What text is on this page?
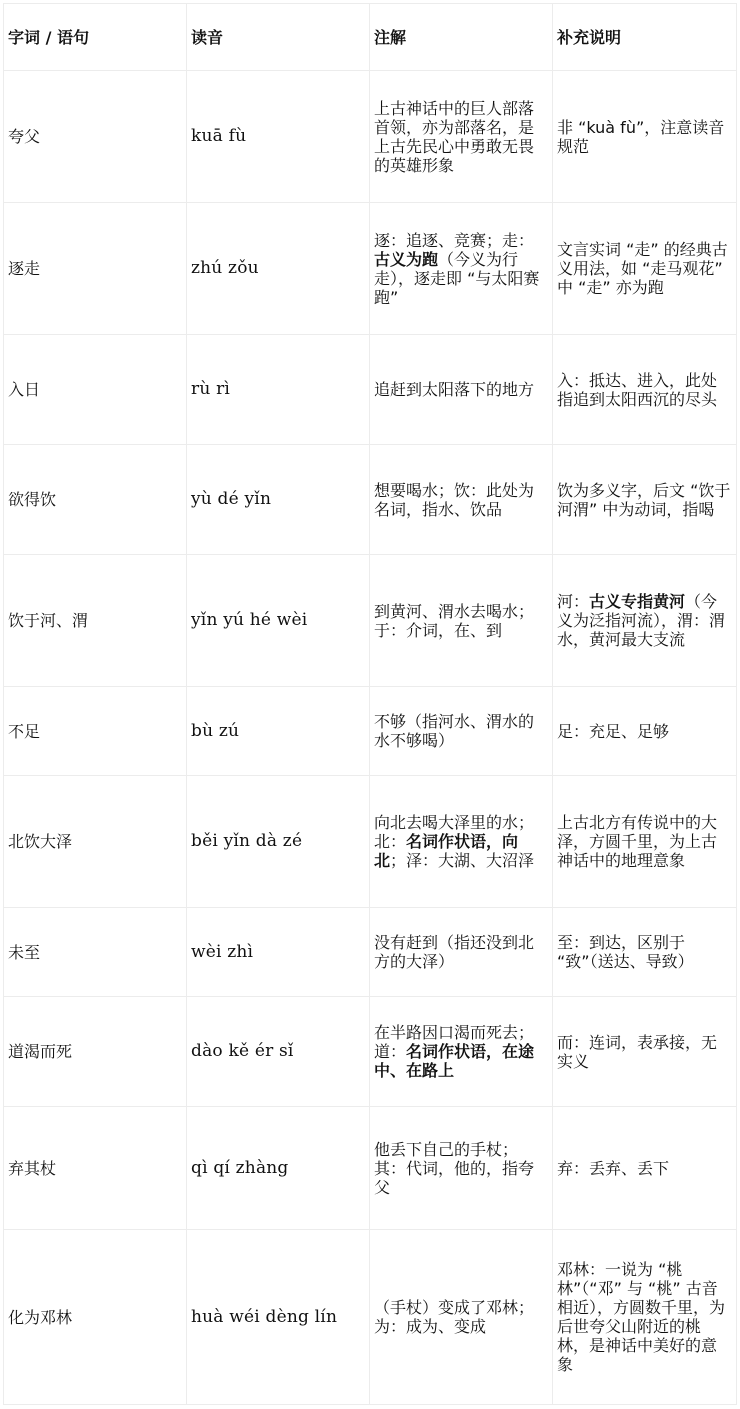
字词 / 语句	读音	注解	补充说明
夸父	kuā fù	上古神话中的巨人部落首领，亦为部落名，是上古先民心中勇敢无畏的英雄形象	非 “kuà fù”，注意读音规范
逐走	zhú zǒu	逐：追逐、竞赛；走：古义为跑（今义为行走），逐走即 “与太阳赛跑”	文言实词 “走” 的经典古义用法，如 “走马观花” 中 “走” 亦为跑
入日	rù rì	追赶到太阳落下的地方	入：抵达、进入，此处指追到太阳西沉的尽头
欲得饮	yù dé yǐn	想要喝水；饮：此处为名词，指水、饮品	饮为多义字，后文 “饮于河渭” 中为动词，指喝
饮于河、渭	yǐn yú hé wèi	到黄河、渭水去喝水；于：介词，在、到	河：古义专指黄河（今义为泛指河流），渭：渭水，黄河最大支流
不足	bù zú	不够（指河水、渭水的水不够喝）	足：充足、足够
北饮大泽	běi yǐn dà zé	向北去喝大泽里的水；北：名词作状语，向北；泽：大湖、大沼泽	上古北方有传说中的大泽，方圆千里，为上古神话中的地理意象
未至	wèi zhì	没有赶到（指还没到北方的大泽）	至：到达，区别于 “致”（送达、导致）
道渴而死	dào kě ér sǐ	在半路因口渴而死去；道：名词作状语，在途中、在路上	而：连词，表承接，无实义
弃其杖	qì qí zhàng	他丢下自己的手杖；其：代词，他的，指夸父	弃：丢弃、丢下
化为邓林	huà wéi dèng lín	（手杖）变成了邓林；为：成为、变成	邓林：一说为 “桃林”（“邓” 与 “桃” 古音相近），方圆数千里，为后世夸父山附近的桃林，是神话中美好的意象
